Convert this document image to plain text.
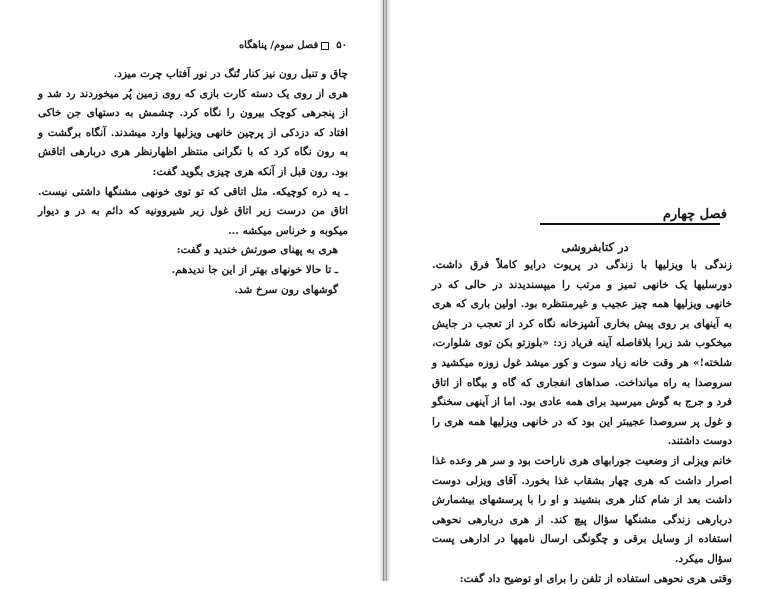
۵۰فصل سوم/ پناهگاه

چاق و تنبل رون نیز کنار تُنگ در نور آفتاب چرت میزد.

هری از روی یک دسته کارت بازی که روی زمین پُر میخوردند رد شد و از پنجرهی کوچک بیرون را نگاه کرد. چشمش به دستهای جن خاکی افتاد که دزدکی از پرچین خانهی ویزلیها وارد میشدند. آنگاه برگشت و به رون نگاه کرد که با نگرانی منتظر اظهارنظر هری دربارهی اتاقش بود. رون قبل از آنکه هری چیزی بگوید گفت:

ـ یه ذره کوچیکه. مثل اتاقی که تو توی خونهی مشنگها داشتی نیست. اتاق من درست زیر اتاق غول زیر شیروونیه که دائم به در و دیوار میکوبه و خرناس میکشه ...

هری به پهنای صورتش خندید و گفت:

ـ تا حالا خونهای بهتر از این جا ندیدهم.

گوشهای رون سرخ شد.

فصل چهارم
در کتابفروشی

زندگی با ویزلیها با زندگی در پریوت درایو کاملاً فرق داشت. دورسلیها یک خانهی تمیز و مرتب را میپسندیدند در حالی که در خانهی ویزلیها همه چیز عجیب و غیرمنتظره بود. اولین باری که هری به آینهای بر روی پیش بخاری آشپزخانه نگاه کرد از تعجب در جایش میخکوب شد زیرا بلافاصله آینه فریاد زد: «بلوزتو بکن توی شلوارت، شلخته!» هر وقت خانه زیاد سوت و کور میشد غول زوزه میکشید و سروصدا به راه میانداخت. صداهای انفجاری که گاه و بیگاه از اتاق فرد و جرج به گوش میرسید برای همه عادی بود. اما از آینهی سخنگو و غول پر سروصدا عجیبتر این بود که در خانهی ویزلیها همه هری را دوست داشتند.

خانم ویزلی از وضعیت جورابهای هری ناراحت بود و سر هر وعده غذا اصرار داشت که هری چهار بشقاب غذا بخورد. آقای ویزلی دوست داشت بعد از شام کنار هری بنشیند و او را با پرسشهای بیشمارش دربارهی زندگی مشنگها سؤال پیچ کند. از هری دربارهی نحوهی استفاده از وسایل برقی و چگونگی ارسال نامهها در ادارهی پست سؤال میکرد.

وقتی هری نحوهی استفاده از تلفن را برای او توضیح داد گفت:
